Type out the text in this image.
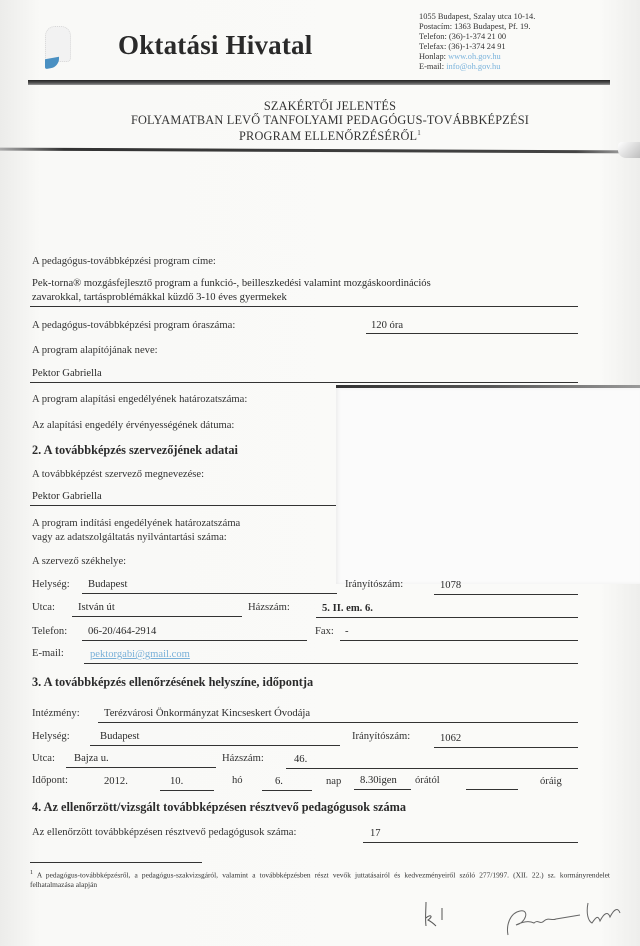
Oktatási Hivatal
1055 Budapest, Szalay utca 10-14.
Postacím: 1363 Budapest, Pf. 19.
Telefon: (36)-1-374 21 00
Telefax: (36)-1-374 24 91
Honlap: www.oh.gov.hu
E-mail: info@oh.gov.hu
SZAKÉRTŐI JELENTÉS
FOLYAMATBAN LEVŐ TANFOLYAMI PEDAGÓGUS-TOVÁBBKÉPZÉSI
PROGRAM ELLENŐRZÉSÉRŐL$^1$
A pedagógus-továbbképzési program címe:
Pek-torna® mozgásfejlesztő program a funkció-, beilleszkedési valamint mozgáskoordinációs
zavarokkal, tartásproblémákkal küzdő 3-10 éves gyermekek
A pedagógus-továbbképzési program óraszáma:	120 óra
A program alapítójának neve:
Pektor Gabriella
A program alapítási engedélyének határozatszáma:
Az alapítási engedély érvényességének dátuma:
2. A továbbképzés szervezőjének adatai
A továbbképzést szervező megnevezése:
Pektor Gabriella
A program indítási engedélyének határozatszáma
vagy az adatszolgáltatás nyilvántartási száma:
A szervező székhelye:
Helység: Budapest	Irányítószám:	1078
Utca: István út	Házszám:	5. II. em. 6.
Telefon: 06-20/464-2914	Fax: -
E-mail: pektorgabi@gmail.com
3. A továbbképzés ellenőrzésének helyszíne, időpontja
Intézmény: Terézvárosi Önkormányzat Kincseskert Óvodája
Helység:	Budapest	Irányítószám:	1062
Utca: Bajza u.	Házszám:	46.
Időpont:	2012.	10.	hó	6.	nap 8.30igen órától	óráig
4. Az ellenőrzött/vizsgált továbbképzésen résztvevő pedagógusok száma
Az ellenőrzött továbbképzésen résztvevő pedagógusok száma:	17
$^1$ A pedagógus-továbbképzésről, a pedagógus-szakvizsgáról, valamint a továbbképzésben részt vevők juttatásairól és kedvezményeiről szóló 277/1997. (XII. 22.) sz. kormányrendelet felhatalmazása alapján
